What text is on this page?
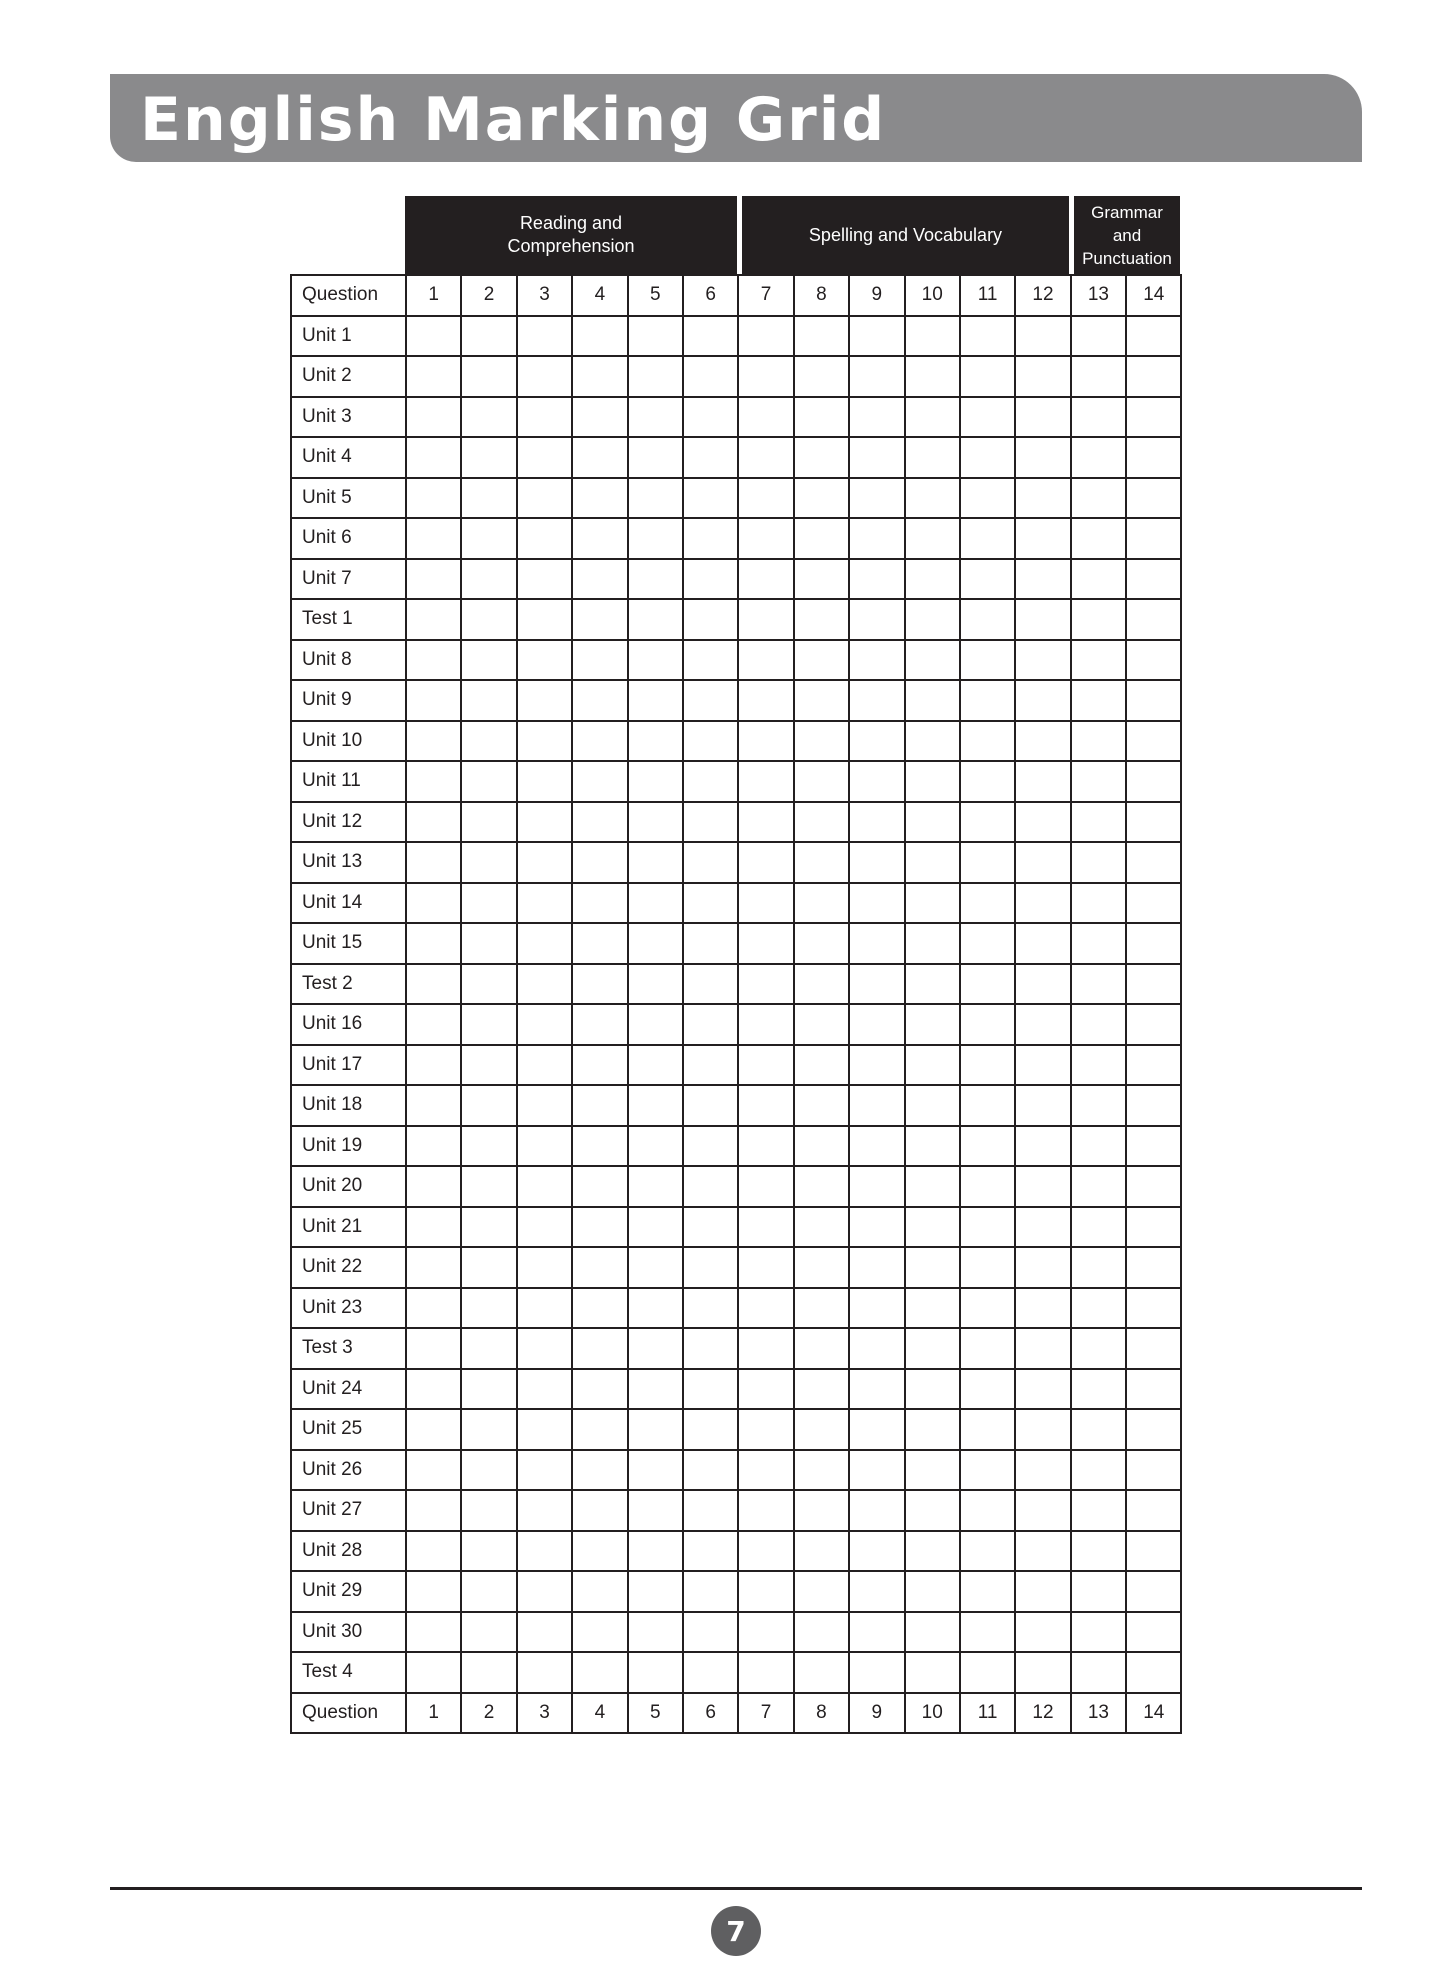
English Marking Grid
Reading and
Comprehension
Spelling and Vocabulary
Grammar and
Punctuation
Question	1	2	3	4	5	6	7	8	9	10	11	12	13	14
Unit 1														
Unit 2														
Unit 3														
Unit 4														
Unit 5														
Unit 6														
Unit 7														
Test 1														
Unit 8														
Unit 9														
Unit 10														
Unit 11														
Unit 12														
Unit 13														
Unit 14														
Unit 15														
Test 2														
Unit 16														
Unit 17														
Unit 18														
Unit 19														
Unit 20														
Unit 21														
Unit 22														
Unit 23														
Test 3														
Unit 24														
Unit 25														
Unit 26														
Unit 27														
Unit 28														
Unit 29														
Unit 30														
Test 4														
Question	1	2	3	4	5	6	7	8	9	10	11	12	13	14
7
